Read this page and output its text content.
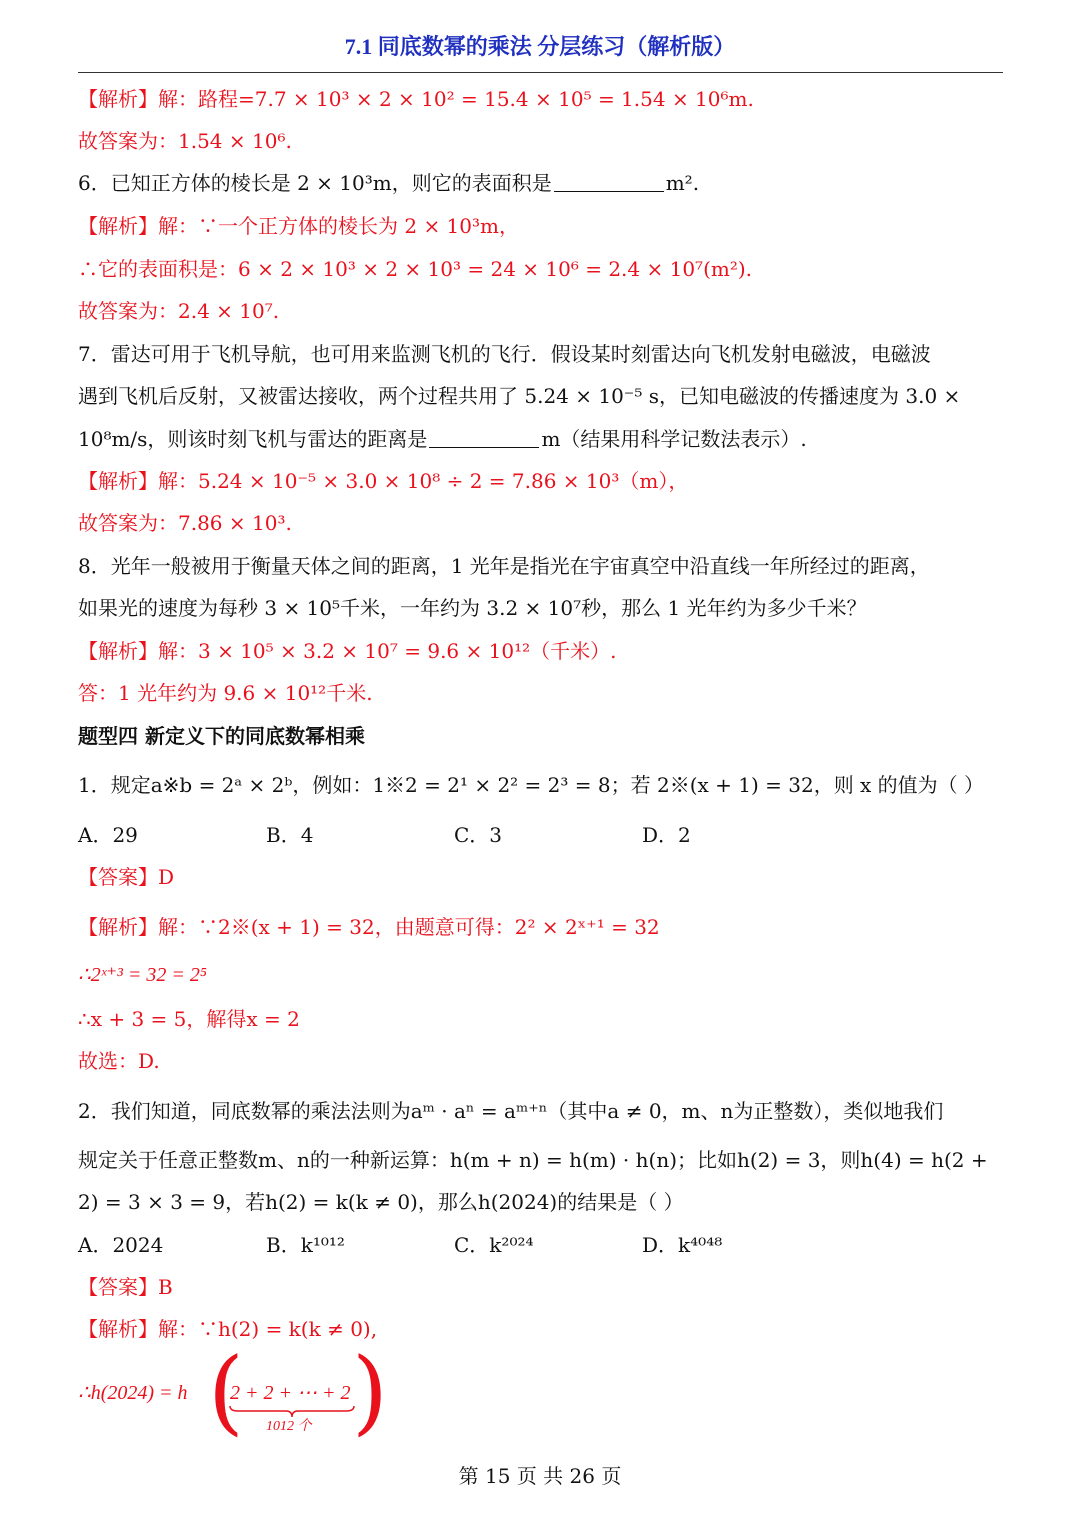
7.1 同底数幂的乘法 分层练习（解析版）
【解析】解：路程=7.7 × 10³ × 2 × 10² = 15.4 × 10⁵ = 1.54 × 10⁶m.
故答案为：1.54 × 10⁶.
6．已知正方体的棱长是 2 × 10³m，则它的表面积是	m².
【解析】解：∵一个正方体的棱长为 2 × 10³m，
∴它的表面积是：6 × 2 × 10³ × 2 × 10³ = 24 × 10⁶ = 2.4 × 10⁷(m²).
故答案为：2.4 × 10⁷.
7．雷达可用于飞机导航，也可用来监测飞机的飞行．假设某时刻雷达向飞机发射电磁波，电磁波
遇到飞机后反射，又被雷达接收，两个过程共用了 5.24 × 10⁻⁵ s，已知电磁波的传播速度为 3.0 ×
10⁸m/s，则该时刻飞机与雷达的距离是	m（结果用科学记数法表示）.
【解析】解：5.24 × 10⁻⁵ × 3.0 × 10⁸ ÷ 2 = 7.86 × 10³（m），
故答案为：7.86 × 10³.
8．光年一般被用于衡量天体之间的距离，1 光年是指光在宇宙真空中沿直线一年所经过的距离，
如果光的速度为每秒 3 × 10⁵千米，一年约为 3.2 × 10⁷秒，那么 1 光年约为多少千米？
【解析】解：3 × 10⁵ × 3.2 × 10⁷ = 9.6 × 10¹²（千米）.
答：1 光年约为 9.6 × 10¹²千米.
题型四 新定义下的同底数幂相乘
1．规定a※b = 2ᵃ × 2ᵇ，例如：1※2 = 2¹ × 2² = 2³ = 8；若 2※(x + 1) = 32，则 x 的值为（ ）
A．29	B．4	C．3	D．2
【答案】D
【解析】解：∵2※(x + 1) = 32，由题意可得：2² × 2ˣ⁺¹ = 32
∴2ˣ⁺³ = 32 = 2⁵
∴x + 3 = 5，解得x = 2
故选：D.
2．我们知道，同底数幂的乘法法则为aᵐ · aⁿ = aᵐ⁺ⁿ（其中a ≠ 0，m、n为正整数），类似地我们
规定关于任意正整数m、n的一种新运算：h(m + n) = h(m) · h(n)；比如h(2) = 3，则h(4) = h(2 +
2) = 3 × 3 = 9，若h(2) = k(k ≠ 0)，那么h(2024)的结果是（ ）
A．2024	B．k¹⁰¹²	C．k²⁰²⁴	D．k⁴⁰⁴⁸
【答案】B
【解析】解：∵h(2) = k(k ≠ 0),
∴h(2024) = h (
2 + 2 + ⋯ + 2
1012 个 )
第 15 页 共 26 页
